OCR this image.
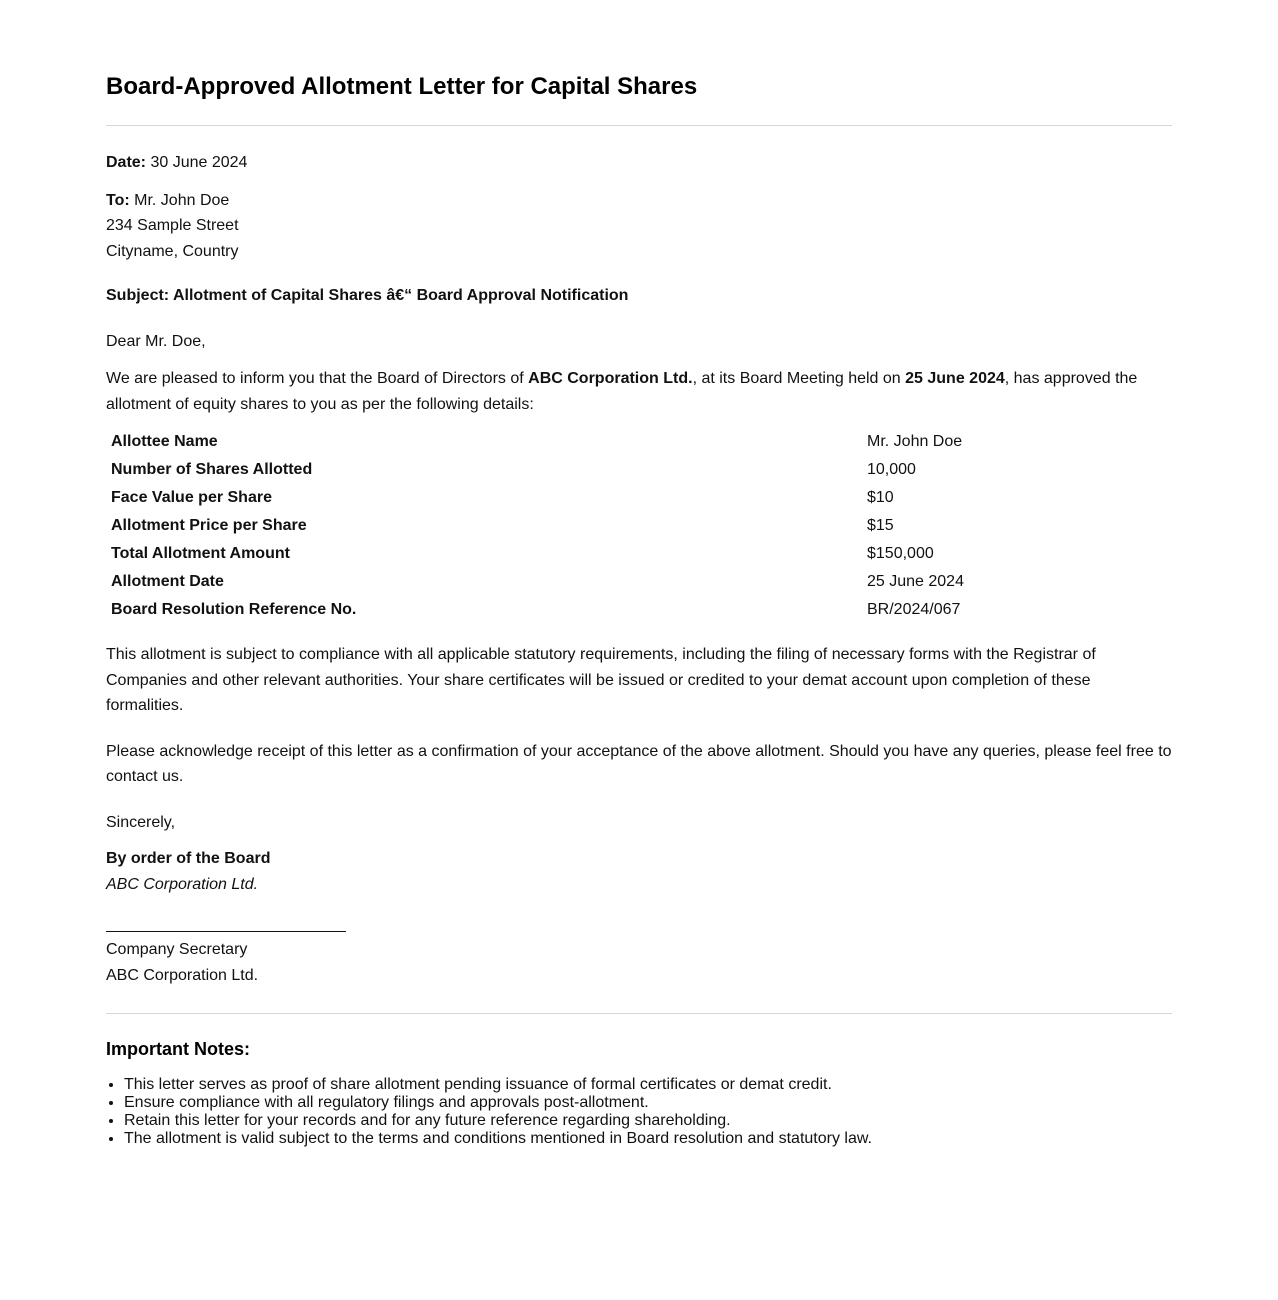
Board-Approved Allotment Letter for Capital Shares

Date: 30 June 2024

To: Mr. John Doe
234 Sample Street
Cityname, Country

Subject: Allotment of Capital Shares â€“ Board Approval Notification

Dear Mr. Doe,

We are pleased to inform you that the Board of Directors of ABC Corporation Ltd., at its Board Meeting held on 25 June 2024, has approved the allotment of equity shares to you as per the following details:

Allottee Name	Mr. John Doe
Number of Shares Allotted	10,000
Face Value per Share	$10
Allotment Price per Share	$15
Total Allotment Amount	$150,000
Allotment Date	25 June 2024
Board Resolution Reference No.	BR/2024/067

This allotment is subject to compliance with all applicable statutory requirements, including the filing of necessary forms with the Registrar of Companies and other relevant authorities. Your share certificates will be issued or credited to your demat account upon completion of these formalities.

Please acknowledge receipt of this letter as a confirmation of your acceptance of the above allotment. Should you have any queries, please feel free to contact us.

Sincerely,

By order of the Board
ABC Corporation Ltd.
Company Secretary
ABC Corporation Ltd.
Important Notes:
• This letter serves as proof of share allotment pending issuance of formal certificates or demat credit.
• Ensure compliance with all regulatory filings and approvals post-allotment.
• Retain this letter for your records and for any future reference regarding shareholding.
• The allotment is valid subject to the terms and conditions mentioned in Board resolution and statutory law.
